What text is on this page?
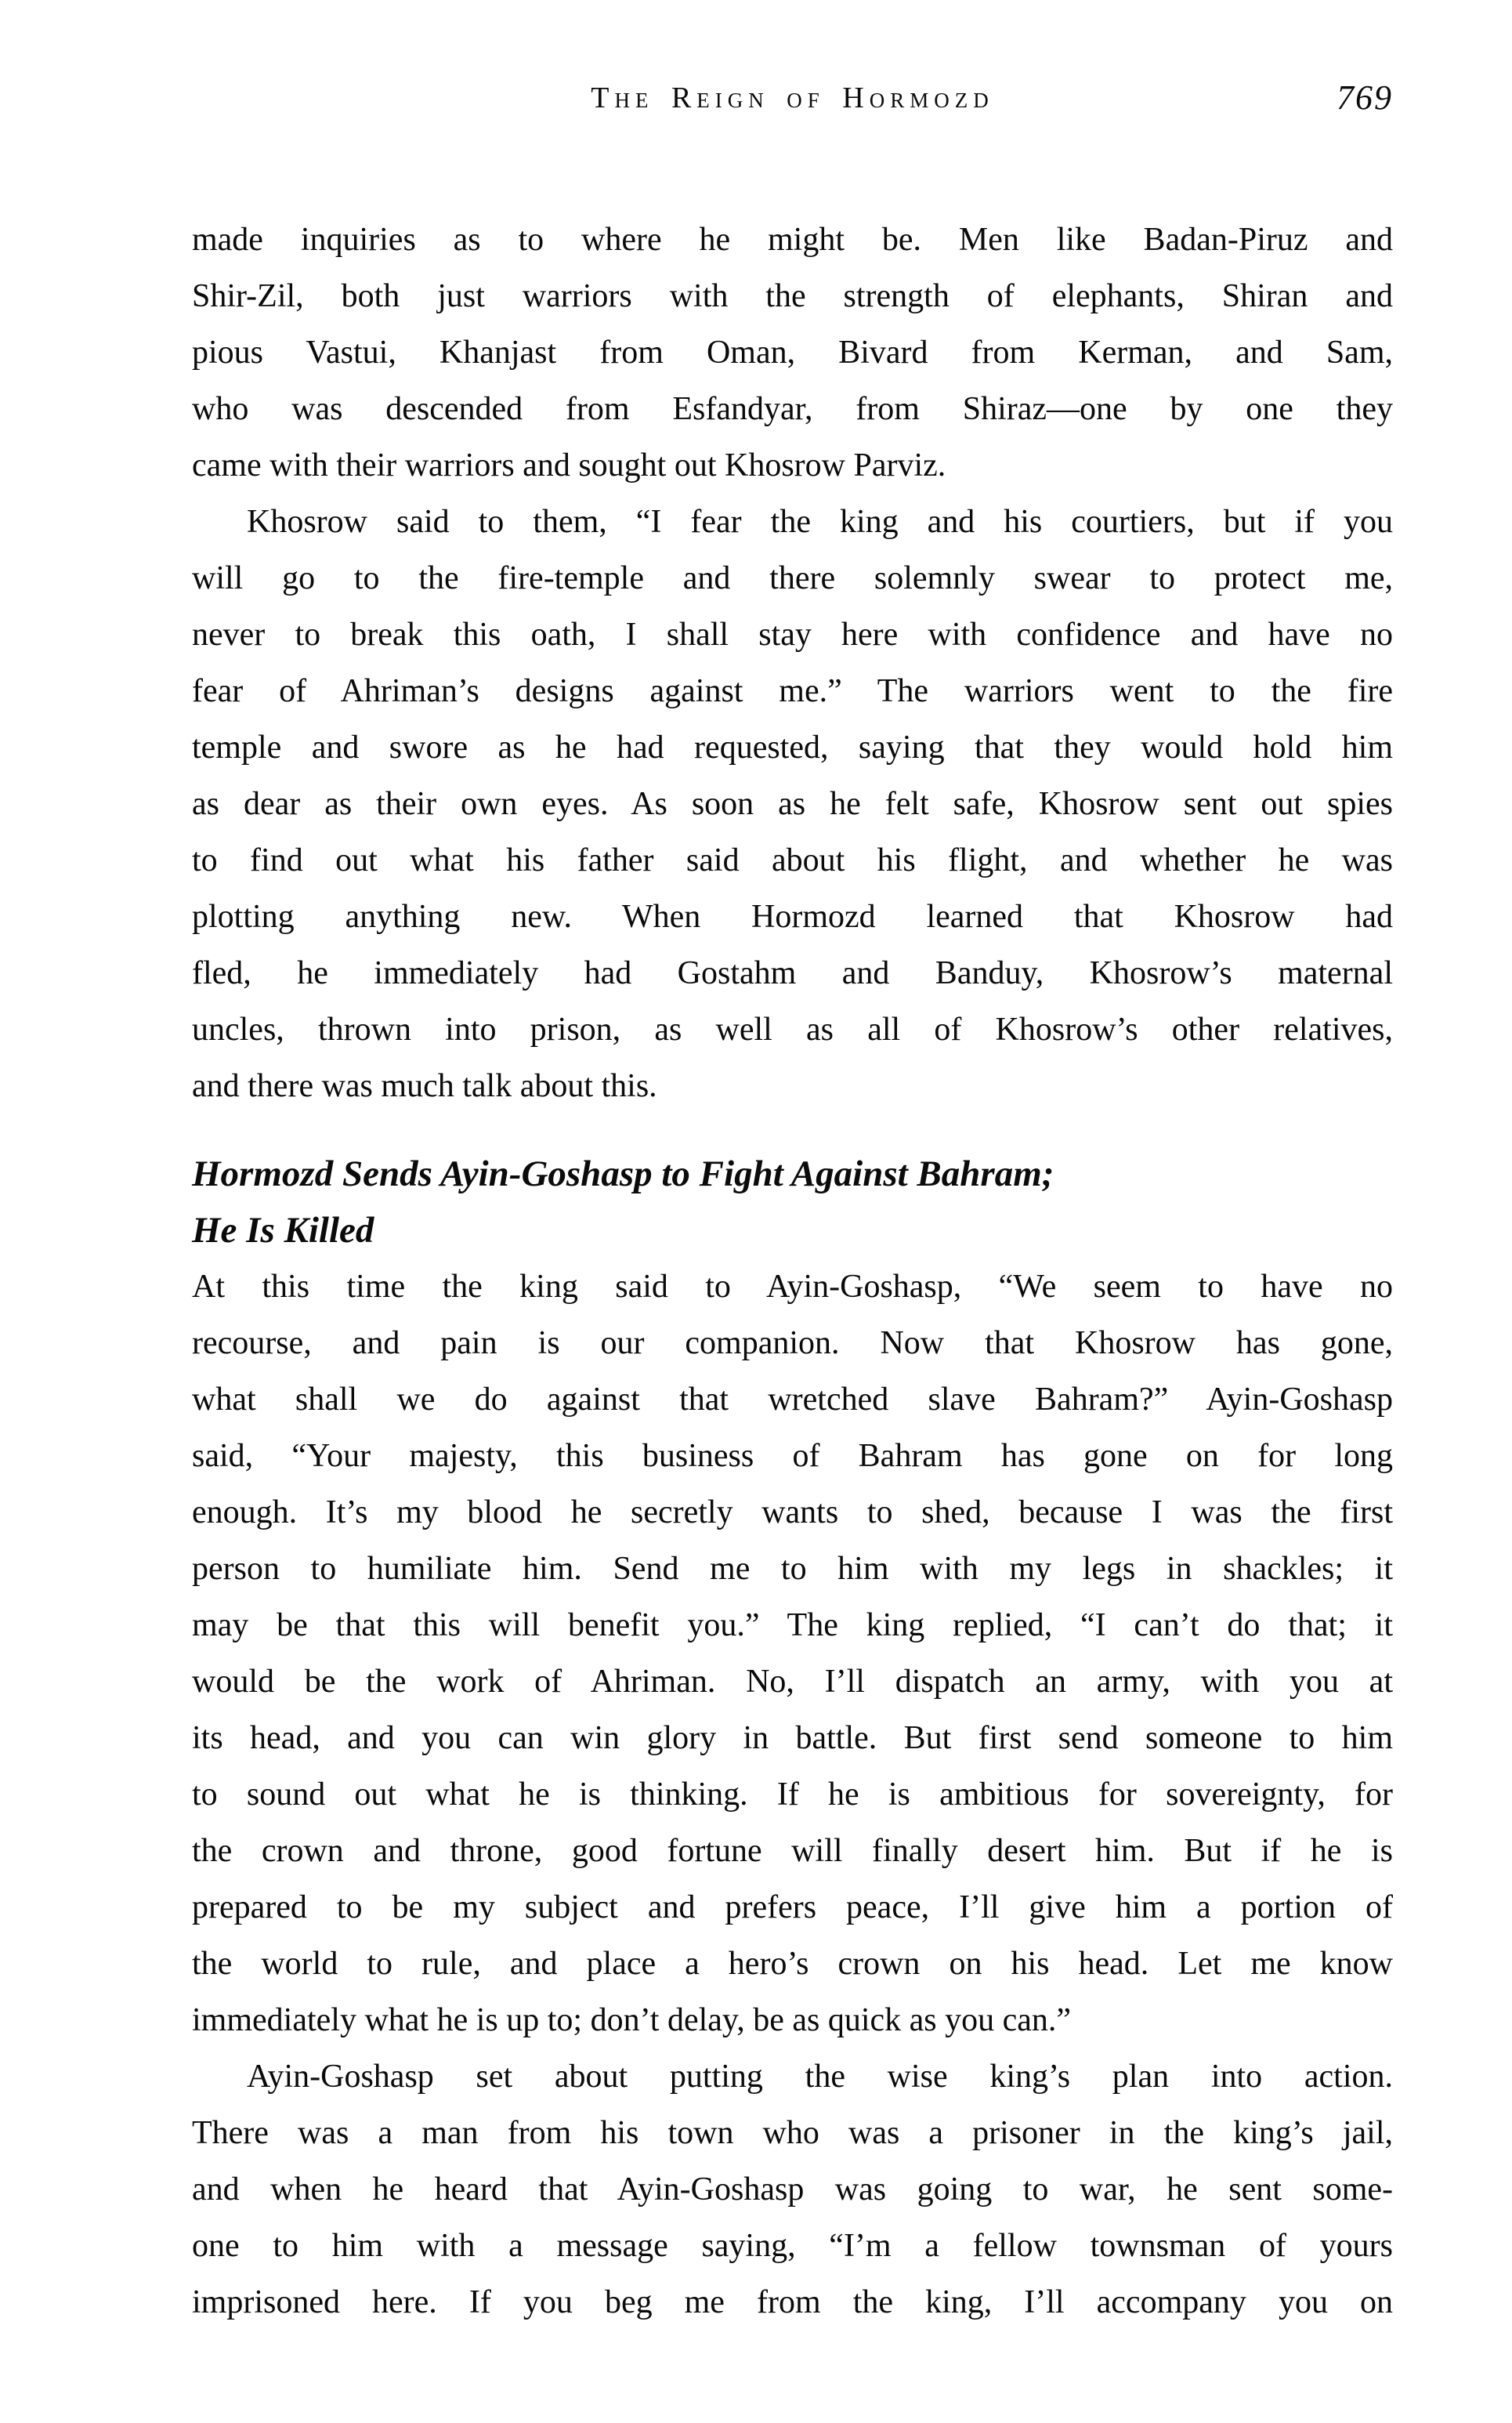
The Reign of Hormozd	769
made inquiries as to where he might be. Men like Badan-Piruz and
Shir-Zil, both just warriors with the strength of elephants, Shiran and
pious Vastui, Khanjast from Oman, Bivard from Kerman, and Sam,
who was descended from Esfandyar, from Shiraz—one by one they
came with their warriors and sought out Khosrow Parviz.
Khosrow said to them, “I fear the king and his courtiers, but if you
will go to the fire-temple and there solemnly swear to protect me,
never to break this oath, I shall stay here with confidence and have no
fear of Ahriman’s designs against me.” The warriors went to the fire
temple and swore as he had requested, saying that they would hold him
as dear as their own eyes. As soon as he felt safe, Khosrow sent out spies
to find out what his father said about his flight, and whether he was
plotting anything new. When Hormozd learned that Khosrow had
fled, he immediately had Gostahm and Banduy, Khosrow’s maternal
uncles, thrown into prison, as well as all of Khosrow’s other relatives,
and there was much talk about this.
Hormozd Sends Ayin-Goshasp to Fight Against Bahram;
He Is Killed
At this time the king said to Ayin-Goshasp, “We seem to have no
recourse, and pain is our companion. Now that Khosrow has gone,
what shall we do against that wretched slave Bahram?” Ayin-Goshasp
said, “Your majesty, this business of Bahram has gone on for long
enough. It’s my blood he secretly wants to shed, because I was the first
person to humiliate him. Send me to him with my legs in shackles; it
may be that this will benefit you.” The king replied, “I can’t do that; it
would be the work of Ahriman. No, I’ll dispatch an army, with you at
its head, and you can win glory in battle. But first send someone to him
to sound out what he is thinking. If he is ambitious for sovereignty, for
the crown and throne, good fortune will finally desert him. But if he is
prepared to be my subject and prefers peace, I’ll give him a portion of
the world to rule, and place a hero’s crown on his head. Let me know
immediately what he is up to; don’t delay, be as quick as you can.”
Ayin-Goshasp set about putting the wise king’s plan into action.
There was a man from his town who was a prisoner in the king’s jail,
and when he heard that Ayin-Goshasp was going to war, he sent some-
one to him with a message saying, “I’m a fellow townsman of yours
imprisoned here. If you beg me from the king, I’ll accompany you on
